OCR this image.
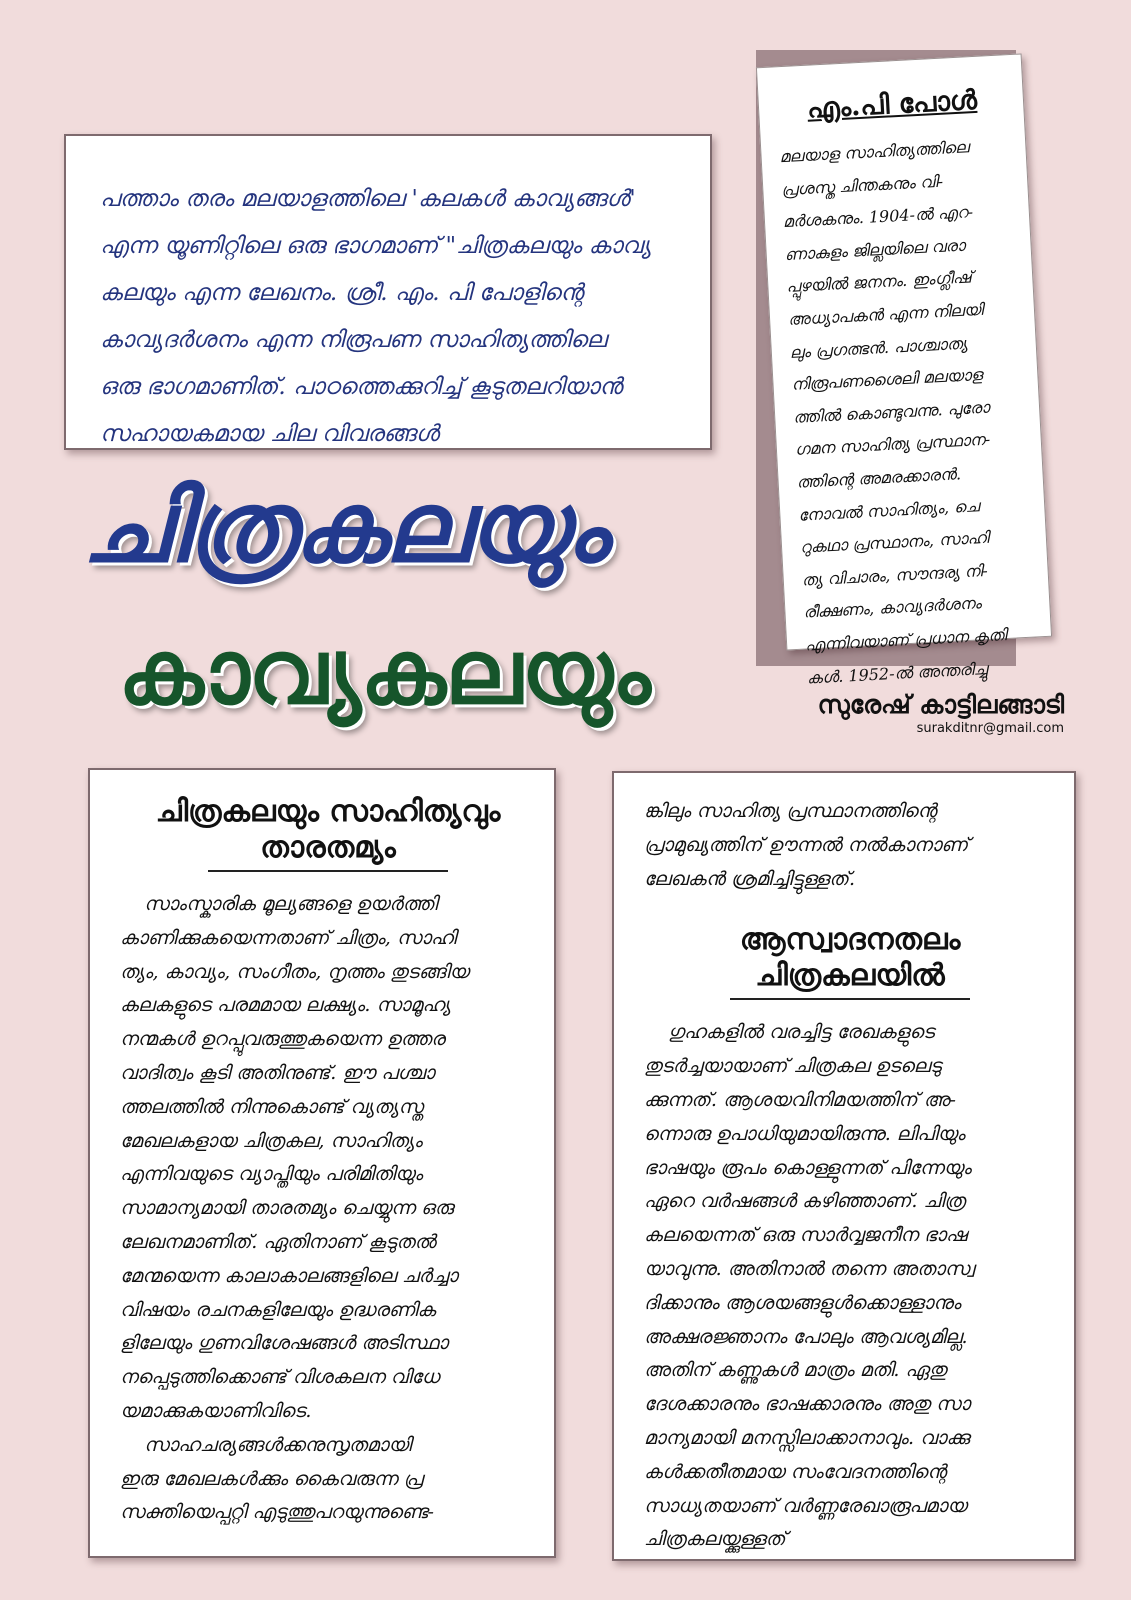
പത്താം തരം മലയാളത്തിലെ 'കലകൾ കാവ്യങ്ങൾ'
എന്ന യൂണിറ്റിലെ ഒരു ഭാഗമാണ് "ചിത്രകലയും കാവ്യ
കലയും എന്ന ലേഖനം. ശ്രീ. എം. പി പോളിന്റെ
കാവ്യദർശനം എന്ന നിരൂപണ സാഹിത്യത്തിലെ
ഒരു ഭാഗമാണിത്. പാഠത്തെക്കുറിച്ച് കൂടുതലറിയാൻ
സഹായകമായ ചില വിവരങ്ങൾ

എം.പി പോൾ

മലയാള സാഹിത്യത്തിലെ
പ്രശസ്ത ചിന്തകനും വി-
മർശകനും. 1904-ൽ എറ-
ണാകുളം ജില്ലയിലെ വരാ
പ്പുഴയിൽ ജനനം. ഇംഗ്ലീഷ്
അധ്യാപകൻ എന്ന നിലയി
ലും പ്രഗത്ഭൻ. പാശ്ചാത്യ
നിരൂപണശൈലി മലയാള
ത്തിൽ കൊണ്ടുവന്നു. പുരോ
ഗമന സാഹിത്യ പ്രസ്ഥാന-
ത്തിന്റെ അമരക്കാരൻ.
നോവൽ സാഹിത്യം, ചെ
റുകഥാ പ്രസ്ഥാനം, സാഹി
ത്യ വിചാരം, സൗന്ദര്യ നി-
രീക്ഷണം, കാവ്യദർശനം
എന്നിവയാണ് പ്രധാന കൃതി
കൾ. 1952-ൽ അന്തരിച്ചു

ചിത്രകലയും
കാവ്യകലയും	സുരേഷ് കാട്ടിലങ്ങാടി
surakditnr@gmail.com
ചിത്രകലയും സാഹിത്യവും
താരതമ്യം

സാംസ്കാരിക മൂല്യങ്ങളെ ഉയർത്തി
കാണിക്കുകയെന്നതാണ് ചിത്രം, സാഹി
ത്യം, കാവ്യം, സംഗീതം, നൃത്തം തുടങ്ങിയ
കലകളുടെ പരമമായ ലക്ഷ്യം. സാമൂഹ്യ
നന്മകൾ ഉറപ്പുവരുത്തുകയെന്ന ഉത്തര
വാദിത്വം കൂടി അതിനുണ്ട്. ഈ പശ്ചാ
ത്തലത്തിൽ നിന്നുകൊണ്ട് വ്യത്യസ്ത
മേഖലകളായ ചിത്രകല, സാഹിത്യം
എന്നിവയുടെ വ്യാപ്തിയും പരിമിതിയും
സാമാന്യമായി താരതമ്യം ചെയ്യുന്ന ഒരു
ലേഖനമാണിത്. ഏതിനാണ് കൂടുതൽ
മേന്മയെന്ന കാലാകാലങ്ങളിലെ ചർച്ചാ
വിഷയം രചനകളിലേയും ഉദ്ധരണിക
ളിലേയും ഗുണവിശേഷങ്ങൾ അടിസ്ഥാ
നപ്പെടുത്തിക്കൊണ്ട് വിശകലന വിധേ
യമാക്കുകയാണിവിടെ.
സാഹചര്യങ്ങൾക്കനുസൃതമായി
ഇരു മേഖലകൾക്കും കൈവരുന്ന പ്ര
സക്തിയെപ്പറ്റി എടുത്തുപറയുന്നുണ്ടെ-

ങ്കിലും സാഹിത്യ പ്രസ്ഥാനത്തിന്റെ
പ്രാമുഖ്യത്തിന് ഊന്നൽ നൽകാനാണ്
ലേഖകൻ ശ്രമിച്ചിട്ടുള്ളത്.

ആസ്വാദനതലം
ചിത്രകലയിൽ

ഗുഹകളിൽ വരച്ചിട്ട രേഖകളുടെ
തുടർച്ചയായാണ് ചിത്രകല ഉടലെടു
ക്കുന്നത്. ആശയവിനിമയത്തിന് അ-
ന്നൊരു ഉപാധിയുമായിരുന്നു. ലിപിയും
ഭാഷയും രൂപം കൊള്ളുന്നത് പിന്നേയും
ഏറെ വർഷങ്ങൾ കഴിഞ്ഞാണ്. ചിത്ര
കലയെന്നത് ഒരു സാർവ്വജനീന ഭാഷ
യാവുന്നു. അതിനാൽ തന്നെ അതാസ്വ
ദിക്കാനും ആശയങ്ങളുൾക്കൊള്ളാനും
അക്ഷരജ്ഞാനം പോലും ആവശ്യമില്ല.
അതിന് കണ്ണുകൾ മാത്രം മതി. ഏതു
ദേശക്കാരനും ഭാഷക്കാരനും അതു സാ
മാന്യമായി മനസ്സിലാക്കാനാവും. വാക്കു
കൾക്കതീതമായ സംവേദനത്തിന്റെ
സാധ്യതയാണ് വർണ്ണരേഖാരൂപമായ
ചിത്രകലയ്ക്കുള്ളത്
